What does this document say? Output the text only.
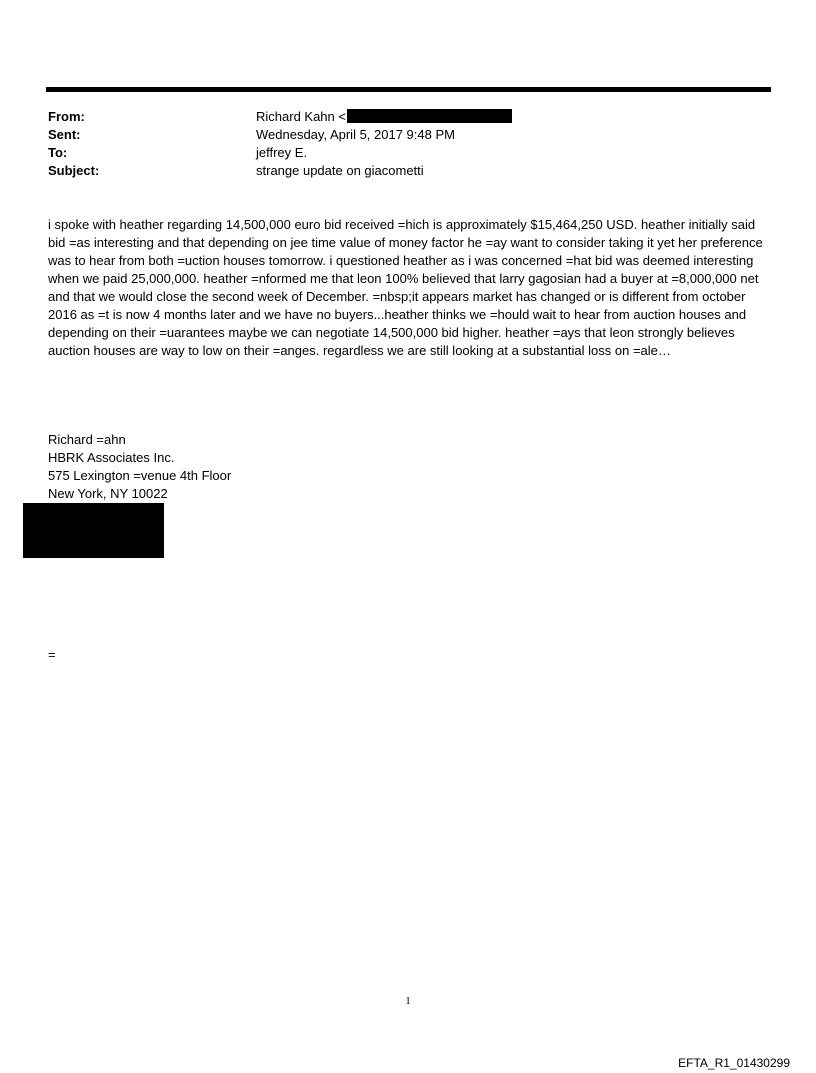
From:	Richard Kahn <
Sent:	Wednesday, April 5, 2017 9:48 PM
To:	jeffrey E.
Subject:	strange update on giacometti
i spoke with heather regarding 14,500,000 euro bid received =hich is approximately $15,464,250 USD. heather initially said bid =as interesting and that depending on jee time value of money factor he =ay want to consider taking it yet her preference was to hear from both =uction houses tomorrow. i questioned heather as i was concerned =hat bid was deemed interesting when we paid 25,000,000. heather =nformed me that leon 100% believed that larry gagosian had a buyer at =8,000,000 net and that we would close the second week of December. =nbsp;it appears market has changed or is different from october 2016 as =t is now 4 months later and we have no buyers...heather thinks we =hould wait to hear from auction houses and depending on their =uarantees maybe we can negotiate 14,500,000 bid higher. heather =ays that leon strongly believes auction houses are way to low on their =anges. regardless we are still looking at a substantial loss on =ale…
Richard =ahn
HBRK Associates Inc.
575 Lexington =venue 4th Floor
New York, NY 10022
=
1
EFTA_R1_01430299
